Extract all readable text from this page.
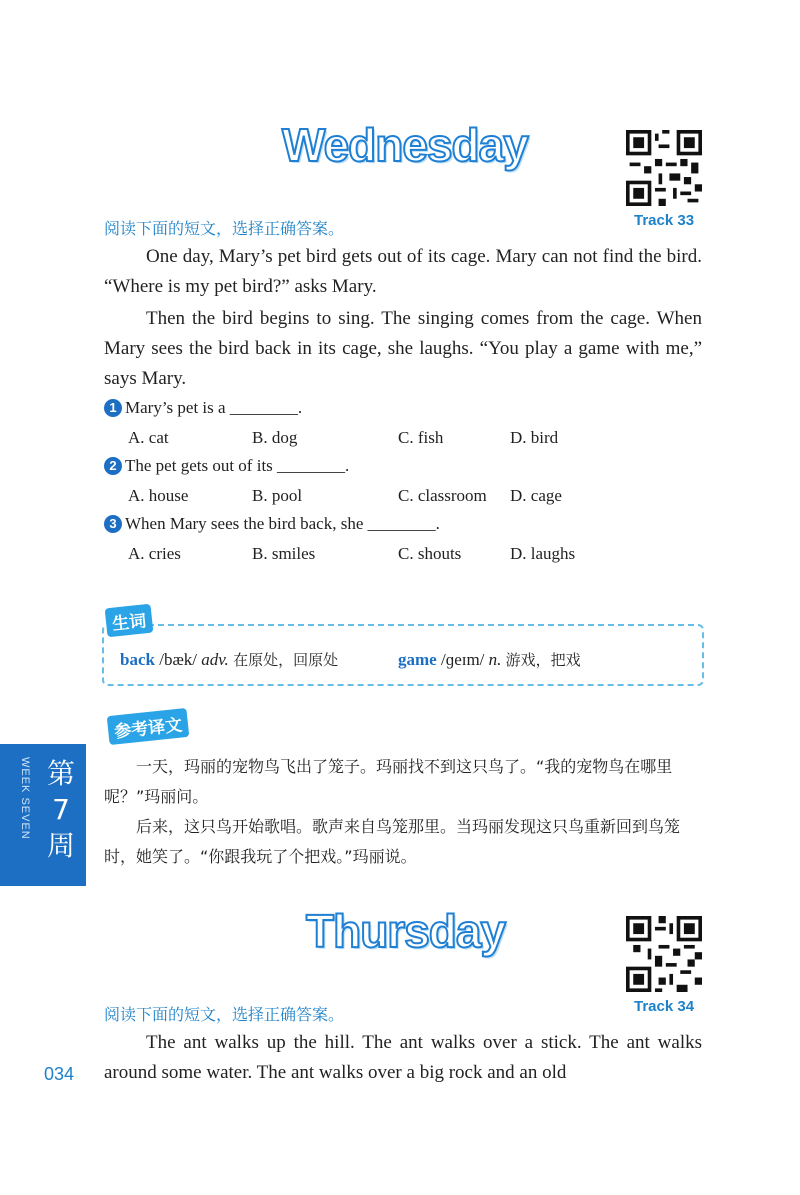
Wednesday
Track 33
阅读下面的短文，选择正确答案。
One day, Mary’s pet bird gets out of its cage. Mary can not find the bird. “Where is my pet bird?” asks Mary.
Then the bird begins to sing. The singing comes from the cage. When Mary sees the bird back in its cage, she laughs. “You play a game with me,” says Mary.
1 Mary’s pet is a ________.
A. cat	B. dog	C. fish	D. bird
2 The pet gets out of its ________.
A. house	B. pool	C. classroom D. cage
3 When Mary sees the bird back, she ________.
A. cries	B. smiles	C. shouts	D. laughs
生词
back /bæk/ adv. 在原处，回原处	game /ɡeɪm/ n. 游戏，把戏
参考译文
一天，玛丽的宠物鸟飞出了笼子。玛丽找不到这只鸟了。“我的宠物鸟在哪里呢？”玛丽问。
后来，这只鸟开始歌唱。歌声来自鸟笼那里。当玛丽发现这只鸟重新回到鸟笼时，她笑了。“你跟我玩了个把戏。”玛丽说。
第7周
WEEK SEVEN
Thursday
Track 34
阅读下面的短文，选择正确答案。
The ant walks up the hill. The ant walks over a stick. The ant walks around some water. The ant walks over a big rock and an old
034
